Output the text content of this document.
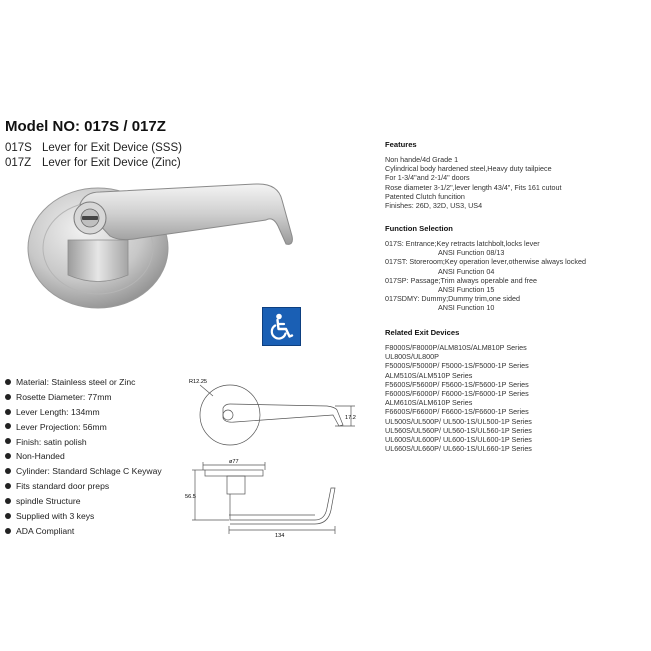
Model NO: 017S / 017Z
017S Lever for Exit Device (SSS)
017Z Lever for Exit Device (Zinc)
Material: Stainless steel or Zinc
Rosette Diameter: 77mm
Lever Length: 134mm
Lever Projection: 56mm
Finish: satin polish
Non-Handed
Cylinder: Standard Schlage C Keyway
Fits standard door preps
spindle Structure
Supplied with 3 keys
ADA Compliant
R12.25
17.2
ø77
56.5
134
Features
Non hande/4d Grade 1
Cylindrical body hardened steel,Heavy duty tailpiece
For 1-3/4"and 2-1/4" doors
Rose diameter 3-1/2",lever length 43/4", Fits 161 cutout
Patented Clutch funcition
Finishes: 26D, 32D, US3, US4
Function Selection
017S: Entrance;Key retracts latchbolt,locks lever
ANSI Function 08/13
017ST: Storeroom;Key operation lever,otherwise always locked
ANSI Function 04
017SP: Passage;Trim always operable and free
ANSI Function 15
017SDMY: Dummy;Dummy trim,one sided
ANSI Function 10
Related Exit Devices
F8000S/F8000P/ALM810S/ALM810P Series
UL800S/UL800P
F5000S/F5000P/ F5000-1S/F5000-1P Series
ALM510S/ALM510P Series
F5600S/F5600P/ F5600-1S/F5600-1P Series
F6000S/F6000P/ F6000-1S/F6000-1P Series
ALM610S/ALM610P Series
F6600S/F6600P/ F6600-1S/F6600-1P Series
UL500S/UL500P/ UL500-1S/UL500-1P Series
UL560S/UL560P/ UL560-1S/UL560-1P Series
UL600S/UL600P/ UL600-1S/UL600-1P Series
UL660S/UL660P/ UL660-1S/UL660-1P Series
